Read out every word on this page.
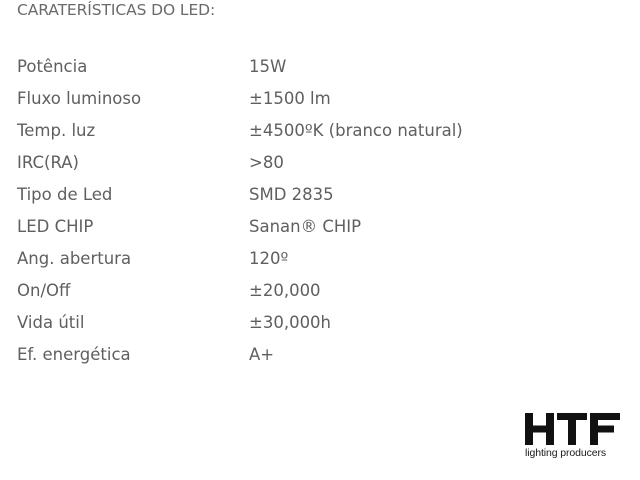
CARATERÍSTICAS DO LED:
Potência	15W
Fluxo luminoso	±1500 lm
Temp. luz	±4500ºK (branco natural)
IRC(RA)	>80
Tipo de Led	SMD 2835
LED CHIP	Sanan® CHIP
Ang. abertura	120º
On/Off	±20,000
Vida útil	±30,000h
Ef. energética	A+
lighting producers
